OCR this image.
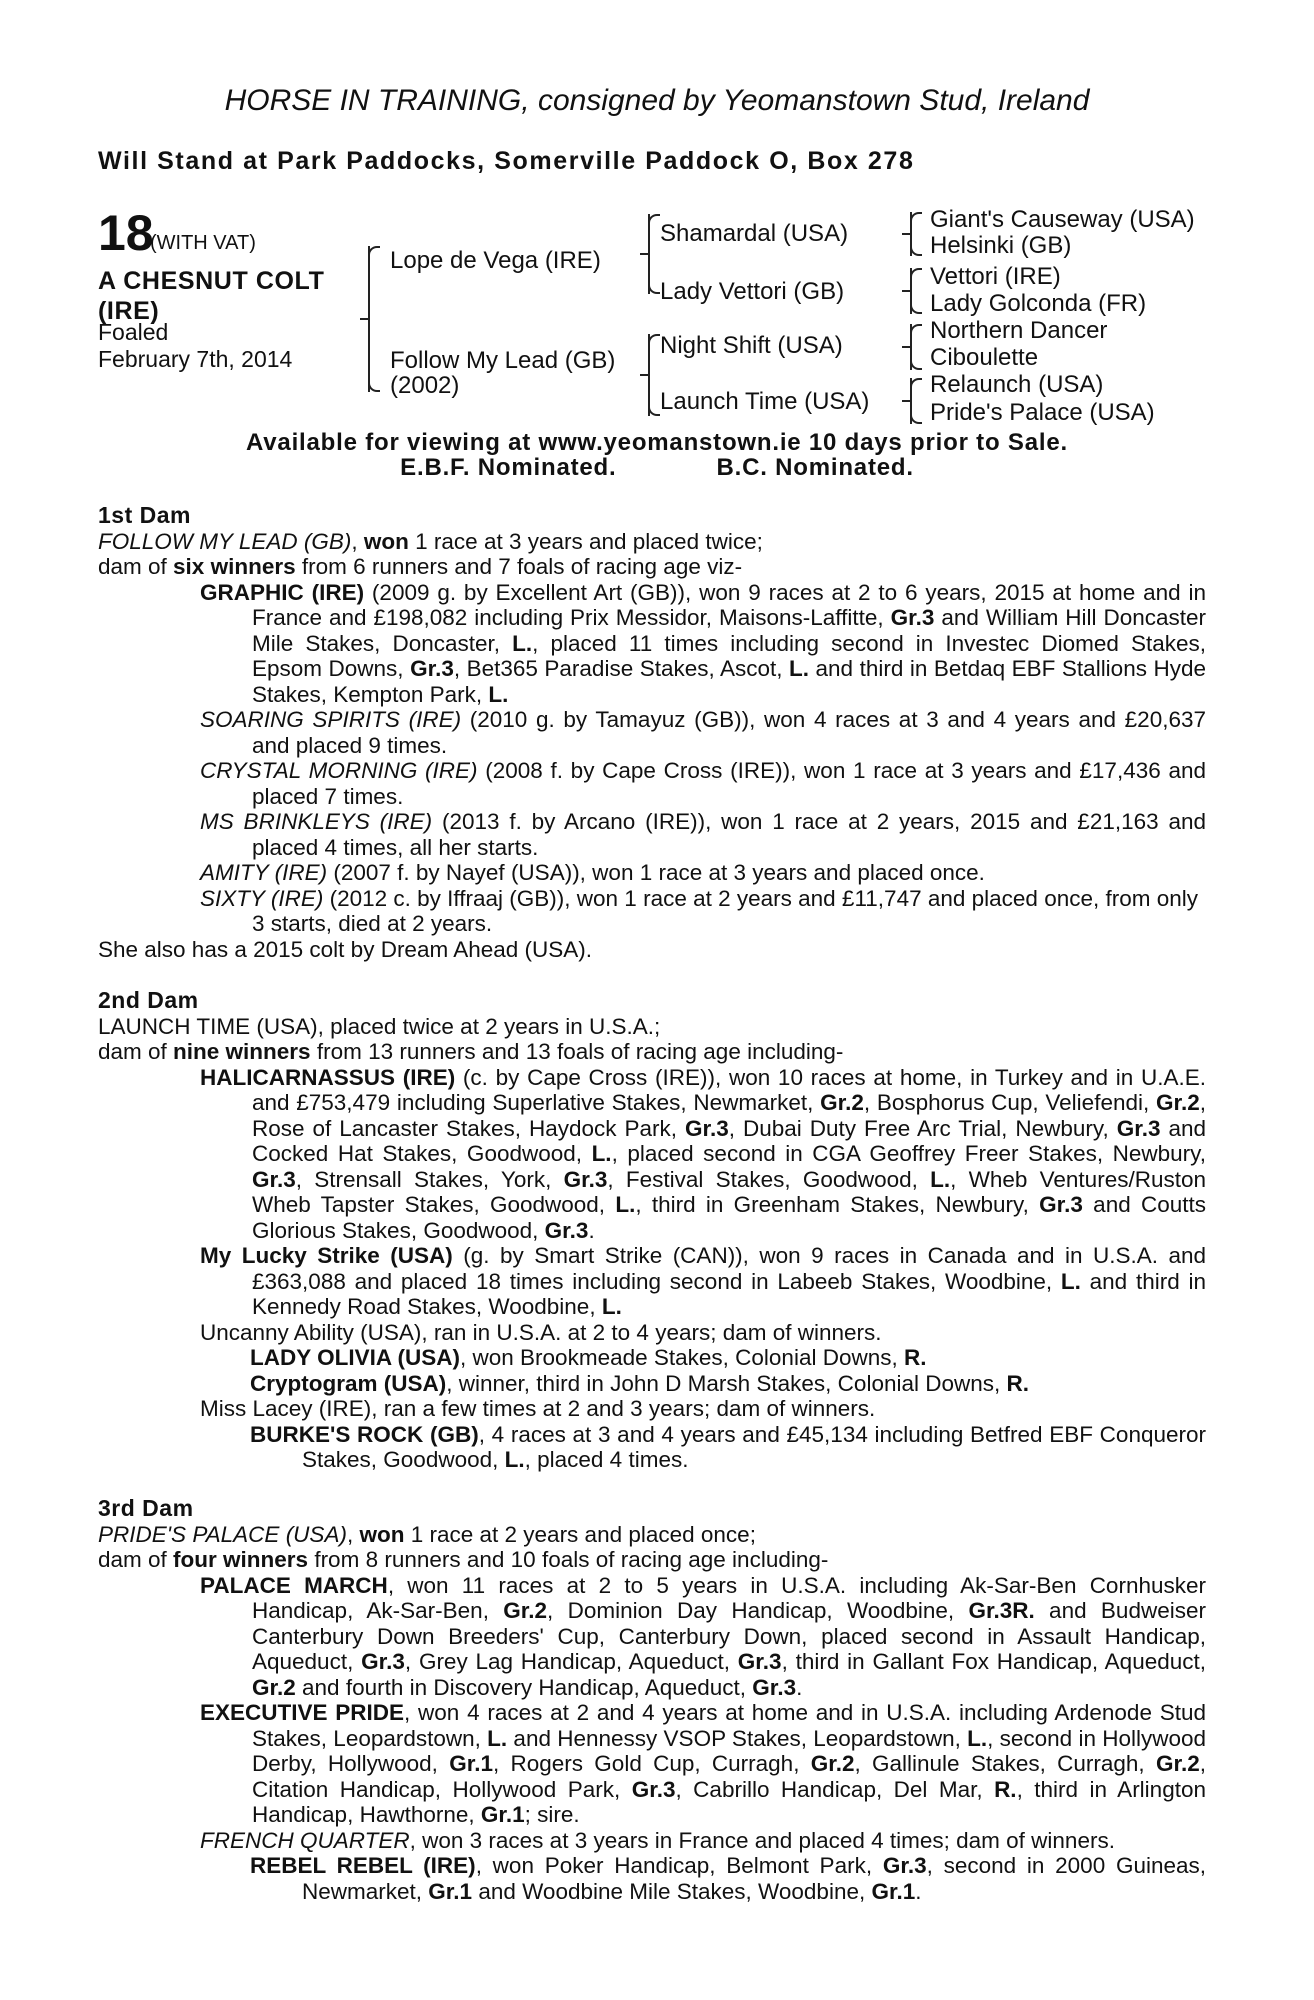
HORSE IN TRAINING, consigned by Yeomanstown Stud, Ireland
Will Stand at Park Paddocks, Somerville Paddock O, Box 278
18
(WITH VAT)
A CHESNUT COLT
(IRE)
Foaled
February 7th, 2014
Lope de Vega (IRE)
Follow My Lead (GB)
(2002)
Shamardal (USA)
Lady Vettori (GB)
Night Shift (USA)
Launch Time (USA)
Giant's Causeway (USA)
Helsinki (GB)
Vettori (IRE)
Lady Golconda (FR)
Northern Dancer
Ciboulette
Relaunch (USA)
Pride's Palace (USA)
Available for viewing at www.yeomanstown.ie 10 days prior to Sale.
E.B.F. Nominated.	B.C. Nominated.
1st Dam
FOLLOW MY LEAD (GB), won 1 race at 3 years and placed twice;
dam of six winners from 6 runners and 7 foals of racing age viz-
GRAPHIC (IRE) (2009 g. by Excellent Art (GB)), won 9 races at 2 to 6 years, 2015 at home and in France and £198,082 including Prix Messidor, Maisons-Laffitte, Gr.3 and William Hill Doncaster Mile Stakes, Doncaster, L., placed 11 times including second in Investec Diomed Stakes, Epsom Downs, Gr.3, Bet365 Paradise Stakes, Ascot, L. and third in Betdaq EBF Stallions Hyde Stakes, Kempton Park, L.
SOARING SPIRITS (IRE) (2010 g. by Tamayuz (GB)), won 4 races at 3 and 4 years and £20,637 and placed 9 times.
CRYSTAL MORNING (IRE) (2008 f. by Cape Cross (IRE)), won 1 race at 3 years and £17,436 and placed 7 times.
MS BRINKLEYS (IRE) (2013 f. by Arcano (IRE)), won 1 race at 2 years, 2015 and £21,163 and placed 4 times, all her starts.
AMITY (IRE) (2007 f. by Nayef (USA)), won 1 race at 3 years and placed once.
SIXTY (IRE) (2012 c. by Iffraaj (GB)), won 1 race at 2 years and £11,747 and placed once, from only 3 starts, died at 2 years.
She also has a 2015 colt by Dream Ahead (USA).
2nd Dam
LAUNCH TIME (USA), placed twice at 2 years in U.S.A.;
dam of nine winners from 13 runners and 13 foals of racing age including-
HALICARNASSUS (IRE) (c. by Cape Cross (IRE)), won 10 races at home, in Turkey and in U.A.E. and £753,479 including Superlative Stakes, Newmarket, Gr.2, Bosphorus Cup, Veliefendi, Gr.2, Rose of Lancaster Stakes, Haydock Park, Gr.3, Dubai Duty Free Arc Trial, Newbury, Gr.3 and Cocked Hat Stakes, Goodwood, L., placed second in CGA Geoffrey Freer Stakes, Newbury, Gr.3, Strensall Stakes, York, Gr.3, Festival Stakes, Goodwood, L., Wheb Ventures/Ruston Wheb Tapster Stakes, Goodwood, L., third in Greenham Stakes, Newbury, Gr.3 and Coutts Glorious Stakes, Goodwood, Gr.3.
My Lucky Strike (USA) (g. by Smart Strike (CAN)), won 9 races in Canada and in U.S.A. and £363,088 and placed 18 times including second in Labeeb Stakes, Woodbine, L. and third in Kennedy Road Stakes, Woodbine, L.
Uncanny Ability (USA), ran in U.S.A. at 2 to 4 years; dam of winners.
LADY OLIVIA (USA), won Brookmeade Stakes, Colonial Downs, R.
Cryptogram (USA), winner, third in John D Marsh Stakes, Colonial Downs, R.
Miss Lacey (IRE), ran a few times at 2 and 3 years; dam of winners.
BURKE'S ROCK (GB), 4 races at 3 and 4 years and £45,134 including Betfred EBF Conqueror Stakes, Goodwood, L., placed 4 times.
3rd Dam
PRIDE'S PALACE (USA), won 1 race at 2 years and placed once;
dam of four winners from 8 runners and 10 foals of racing age including-
PALACE MARCH, won 11 races at 2 to 5 years in U.S.A. including Ak-Sar-Ben Cornhusker Handicap, Ak-Sar-Ben, Gr.2, Dominion Day Handicap, Woodbine, Gr.3R. and Budweiser Canterbury Down Breeders' Cup, Canterbury Down, placed second in Assault Handicap, Aqueduct, Gr.3, Grey Lag Handicap, Aqueduct, Gr.3, third in Gallant Fox Handicap, Aqueduct, Gr.2 and fourth in Discovery Handicap, Aqueduct, Gr.3.
EXECUTIVE PRIDE, won 4 races at 2 and 4 years at home and in U.S.A. including Ardenode Stud Stakes, Leopardstown, L. and Hennessy VSOP Stakes, Leopardstown, L., second in Hollywood Derby, Hollywood, Gr.1, Rogers Gold Cup, Curragh, Gr.2, Gallinule Stakes, Curragh, Gr.2, Citation Handicap, Hollywood Park, Gr.3, Cabrillo Handicap, Del Mar, R., third in Arlington Handicap, Hawthorne, Gr.1; sire.
FRENCH QUARTER, won 3 races at 3 years in France and placed 4 times; dam of winners.
REBEL REBEL (IRE), won Poker Handicap, Belmont Park, Gr.3, second in 2000 Guineas, Newmarket, Gr.1 and Woodbine Mile Stakes, Woodbine, Gr.1.
